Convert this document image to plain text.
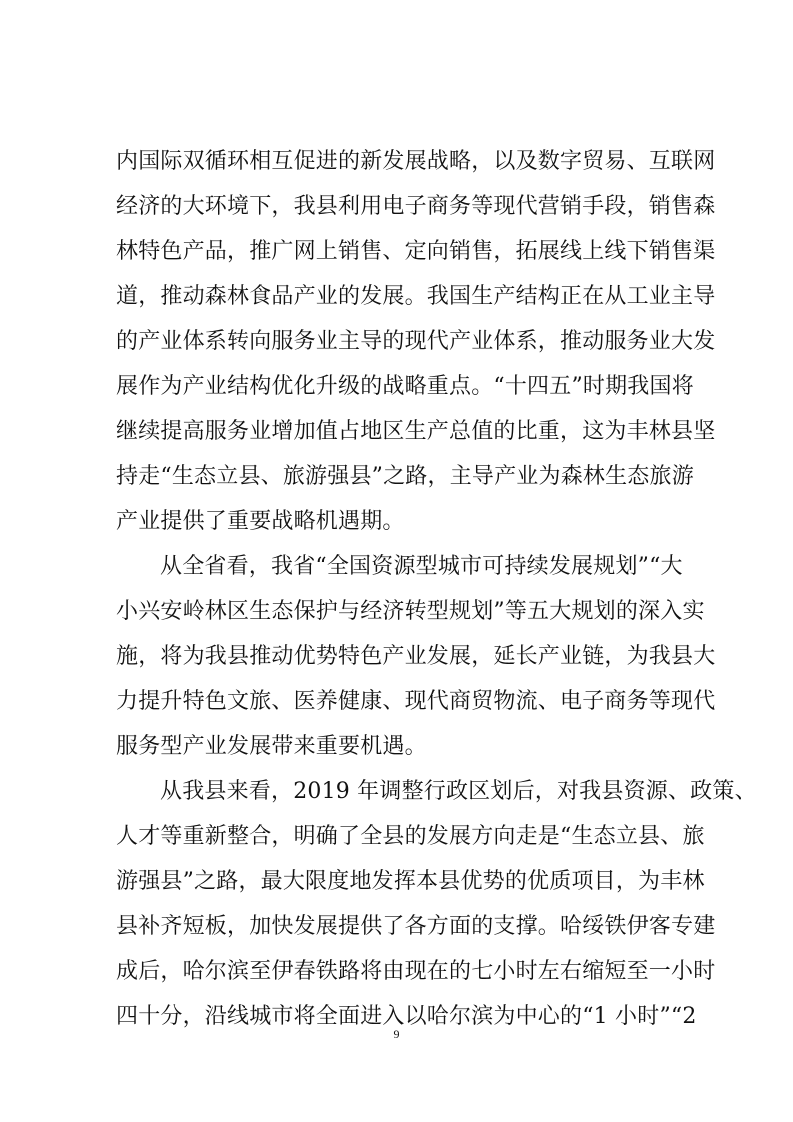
内国际双循环相互促进的新发展战略，以及数字贸易、互联网
经济的大环境下，我县利用电子商务等现代营销手段，销售森
林特色产品，推广网上销售、定向销售，拓展线上线下销售渠
道，推动森林食品产业的发展。我国生产结构正在从工业主导
的产业体系转向服务业主导的现代产业体系，推动服务业大发
展作为产业结构优化升级的战略重点。“十四五”时期我国将
继续提高服务业增加值占地区生产总值的比重，这为丰林县坚
持走“生态立县、旅游强县”之路，主导产业为森林生态旅游
产业提供了重要战略机遇期。
从全省看，我省“全国资源型城市可持续发展规划”“大
小兴安岭林区生态保护与经济转型规划”等五大规划的深入实
施，将为我县推动优势特色产业发展，延长产业链，为我县大
力提升特色文旅、医养健康、现代商贸物流、电子商务等现代
服务型产业发展带来重要机遇。
从我县来看，2019 年调整行政区划后，对我县资源、政策、
人才等重新整合，明确了全县的发展方向走是“生态立县、旅
游强县”之路，最大限度地发挥本县优势的优质项目，为丰林
县补齐短板，加快发展提供了各方面的支撑。哈绥铁伊客专建
成后，哈尔滨至伊春铁路将由现在的七小时左右缩短至一小时
四十分，沿线城市将全面进入以哈尔滨为中心的“1 小时”“2
9
